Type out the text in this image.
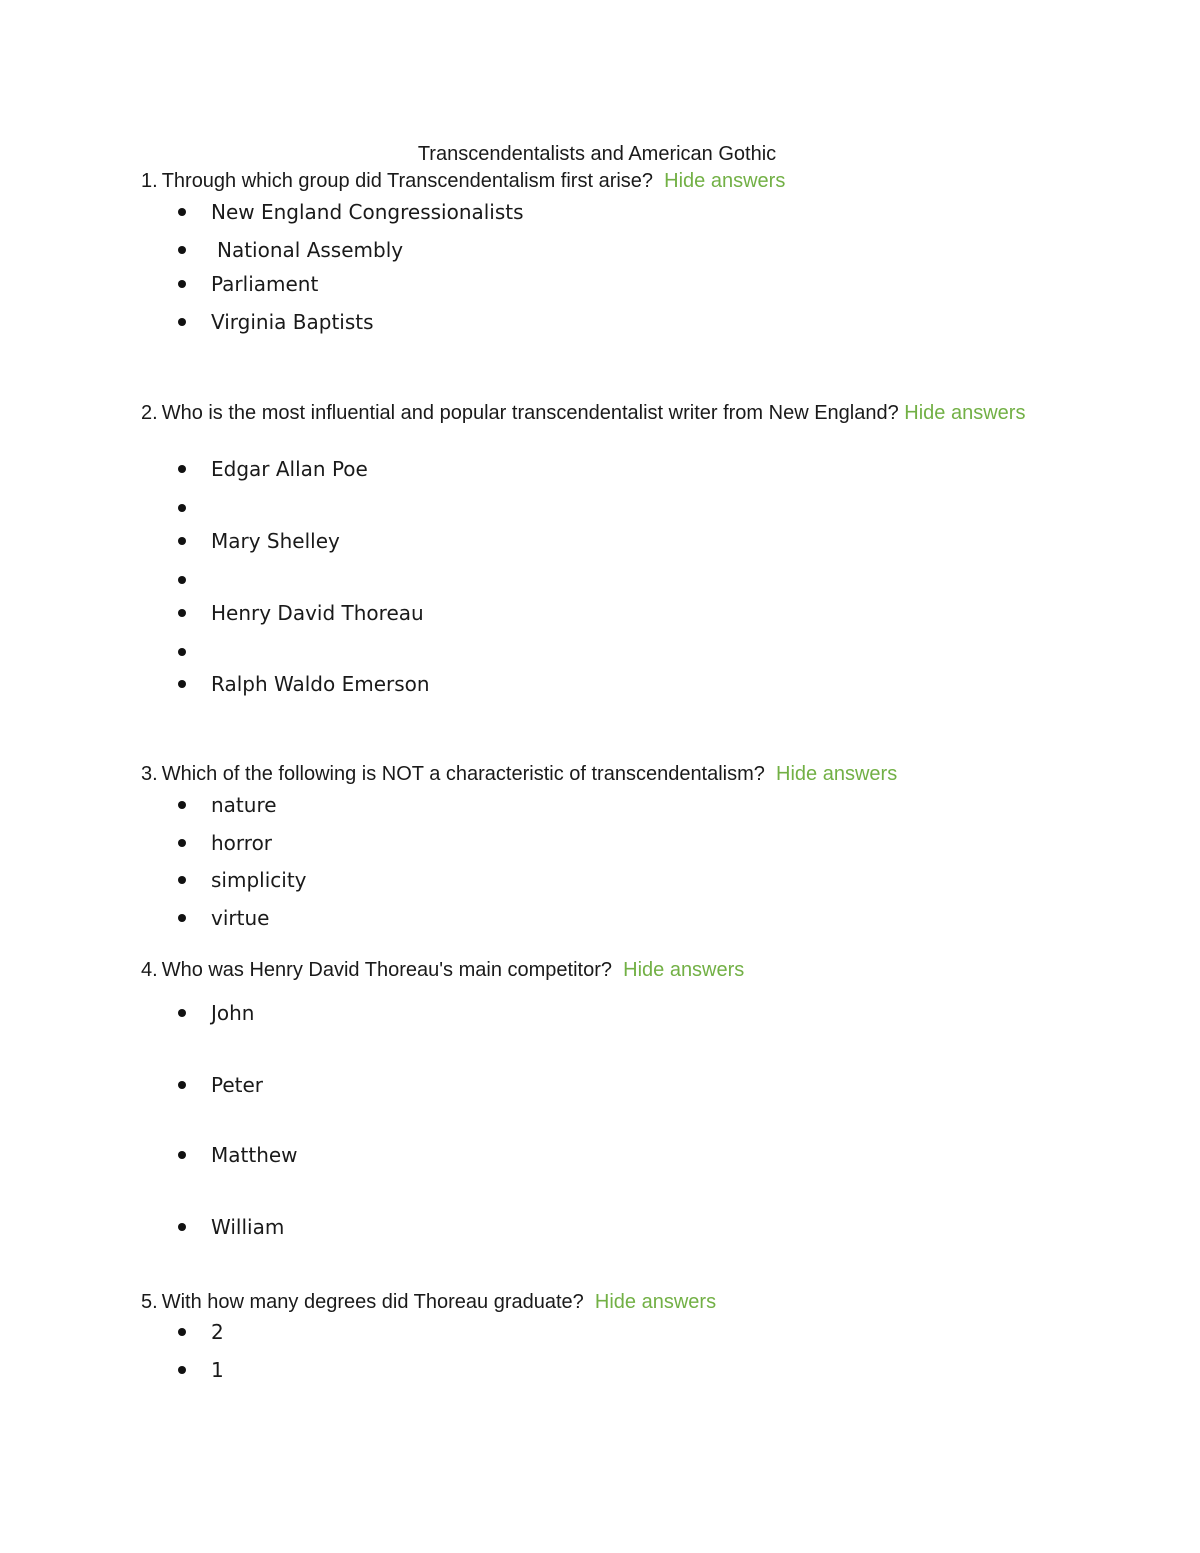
Transcendentalists and American Gothic
1. Through which group did Transcendentalism first arise? Hide answers
New England Congressionalists
National Assembly
Parliament
Virginia Baptists
2. Who is the most influential and popular transcendentalist writer from New England? Hide answers
Edgar Allan Poe
Mary Shelley
Henry David Thoreau
Ralph Waldo Emerson
3. Which of the following is NOT a characteristic of transcendentalism? Hide answers
nature
horror
simplicity
virtue
4. Who was Henry David Thoreau's main competitor? Hide answers
John
Peter
Matthew
William
5. With how many degrees did Thoreau graduate? Hide answers
2
1
